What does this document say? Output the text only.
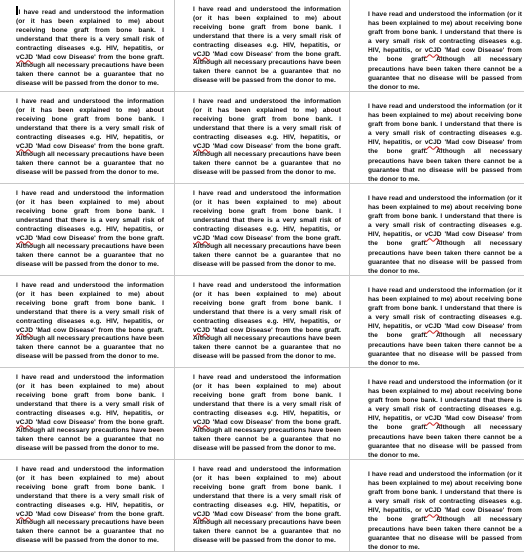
I have read and understood the information (or it has been explained to me) about receiving bone graft from bone bank. I understand that there is a very small risk of contracting diseases e.g. HIV, hepatitis, or vCJD 'Mad cow Disease' from the bone graft. Although all necessary precautions have been taken there cannot be a guarantee that no disease will be passed from the donor to me.

I have read and understood the information (or it has been explained to me) about receiving bone graft from bone bank. I understand that there is a very small risk of contracting diseases e.g. HIV, hepatitis, or vCJD 'Mad cow Disease' from the bone graft. Although all necessary precautions have been taken there cannot be a guarantee that no disease will be passed from the donor to me.

I have read and understood the information (or it has been explained to me) about receiving bone graft from bone bank. I understand that there is a very small risk of contracting diseases e.g. HIV, hepatitis, or vCJD 'Mad cow Disease' from the bone graft. Although all necessary precautions have been taken there cannot be a guarantee that no disease will be passed from the donor to me.

I have read and understood the information (or it has been explained to me) about receiving bone graft from bone bank. I understand that there is a very small risk of contracting diseases e.g. HIV, hepatitis, or vCJD 'Mad cow Disease' from the bone graft. Although all necessary precautions have been taken there cannot be a guarantee that no disease will be passed from the donor to me.

I have read and understood the information (or it has been explained to me) about receiving bone graft from bone bank. I understand that there is a very small risk of contracting diseases e.g. HIV, hepatitis, or vCJD 'Mad cow Disease' from the bone graft. Although all necessary precautions have been taken there cannot be a guarantee that no disease will be passed from the donor to me.

I have read and understood the information (or it has been explained to me) about receiving bone graft from bone bank. I understand that there is a very small risk of contracting diseases e.g. HIV, hepatitis, or vCJD 'Mad cow Disease' from the bone graft. Although all necessary precautions have been taken there cannot be a guarantee that no disease will be passed from the donor to me.

I have read and understood the information (or it has been explained to me) about receiving bone graft from bone bank. I understand that there is a very small risk of contracting diseases e.g. HIV, hepatitis, or vCJD 'Mad cow Disease' from the bone graft. Although all necessary precautions have been taken there cannot be a guarantee that no disease will be passed from the donor to me.

I have read and understood the information (or it has been explained to me) about receiving bone graft from bone bank. I understand that there is a very small risk of contracting diseases e.g. HIV, hepatitis, or vCJD 'Mad cow Disease' from the bone graft. Although all necessary precautions have been taken there cannot be a guarantee that no disease will be passed from the donor to me.

I have read and understood the information (or it has been explained to me) about receiving bone graft from bone bank. I understand that there is a very small risk of contracting diseases e.g. HIV, hepatitis, or vCJD 'Mad cow Disease' from the bone graft. Although all necessary precautions have been taken there cannot be a guarantee that no disease will be passed from the donor to me.

I have read and understood the information (or it has been explained to me) about receiving bone graft from bone bank. I understand that there is a very small risk of contracting diseases e.g. HIV, hepatitis, or vCJD 'Mad cow Disease' from the bone graft. Although all necessary precautions have been taken there cannot be a guarantee that no disease will be passed from the donor to me.

I have read and understood the information (or it has been explained to me) about receiving bone graft from bone bank. I understand that there is a very small risk of contracting diseases e.g. HIV, hepatitis, or vCJD 'Mad cow Disease' from the bone graft. Although all necessary precautions have been taken there cannot be a guarantee that no disease will be passed from the donor to me.

I have read and understood the information (or it has been explained to me) about receiving bone graft from bone bank. I understand that there is a very small risk of contracting diseases e.g. HIV, hepatitis, or vCJD 'Mad cow Disease' from the bone graft. Although all necessary precautions have been taken there cannot be a guarantee that no disease will be passed from the donor to me.

I have read and understood the information (or it has been explained to me) about receiving bone graft from bone bank. I understand that there is a very small risk of contracting diseases e.g. HIV, hepatitis, or vCJD 'Mad cow Disease' from the bone graft. Although all necessary precautions have been taken there cannot be a guarantee that no disease will be passed from the donor to me.

I have read and understood the information (or it has been explained to me) about receiving bone graft from bone bank. I understand that there is a very small risk of contracting diseases e.g. HIV, hepatitis, or vCJD 'Mad cow Disease' from the bone graft. Although all necessary precautions have been taken there cannot be a guarantee that no disease will be passed from the donor to me.

I have read and understood the information (or it has been explained to me) about receiving bone graft from bone bank. I understand that there is a very small risk of contracting diseases e.g. HIV, hepatitis, or vCJD 'Mad cow Disease' from the bone graft. Although all necessary precautions have been taken there cannot be a guarantee that no disease will be passed from the donor to me.

I have read and understood the information (or it has been explained to me) about receiving bone graft from bone bank. I understand that there is a very small risk of contracting diseases e.g. HIV, hepatitis, or vCJD 'Mad cow Disease' from the bone graft. Although all necessary precautions have been taken there cannot be a guarantee that no disease will be passed from the donor to me.

I have read and understood the information (or it has been explained to me) about receiving bone graft from bone bank. I understand that there is a very small risk of contracting diseases e.g. HIV, hepatitis, or vCJD 'Mad cow Disease' from the bone graft. Although all necessary precautions have been taken there cannot be a guarantee that no disease will be passed from the donor to me.

I have read and understood the information (or it has been explained to me) about receiving bone graft from bone bank. I understand that there is a very small risk of contracting diseases e.g. HIV, hepatitis, or vCJD 'Mad cow Disease' from the bone graft. Although all necessary precautions have been taken there cannot be a guarantee that no disease will be passed from the donor to me.
